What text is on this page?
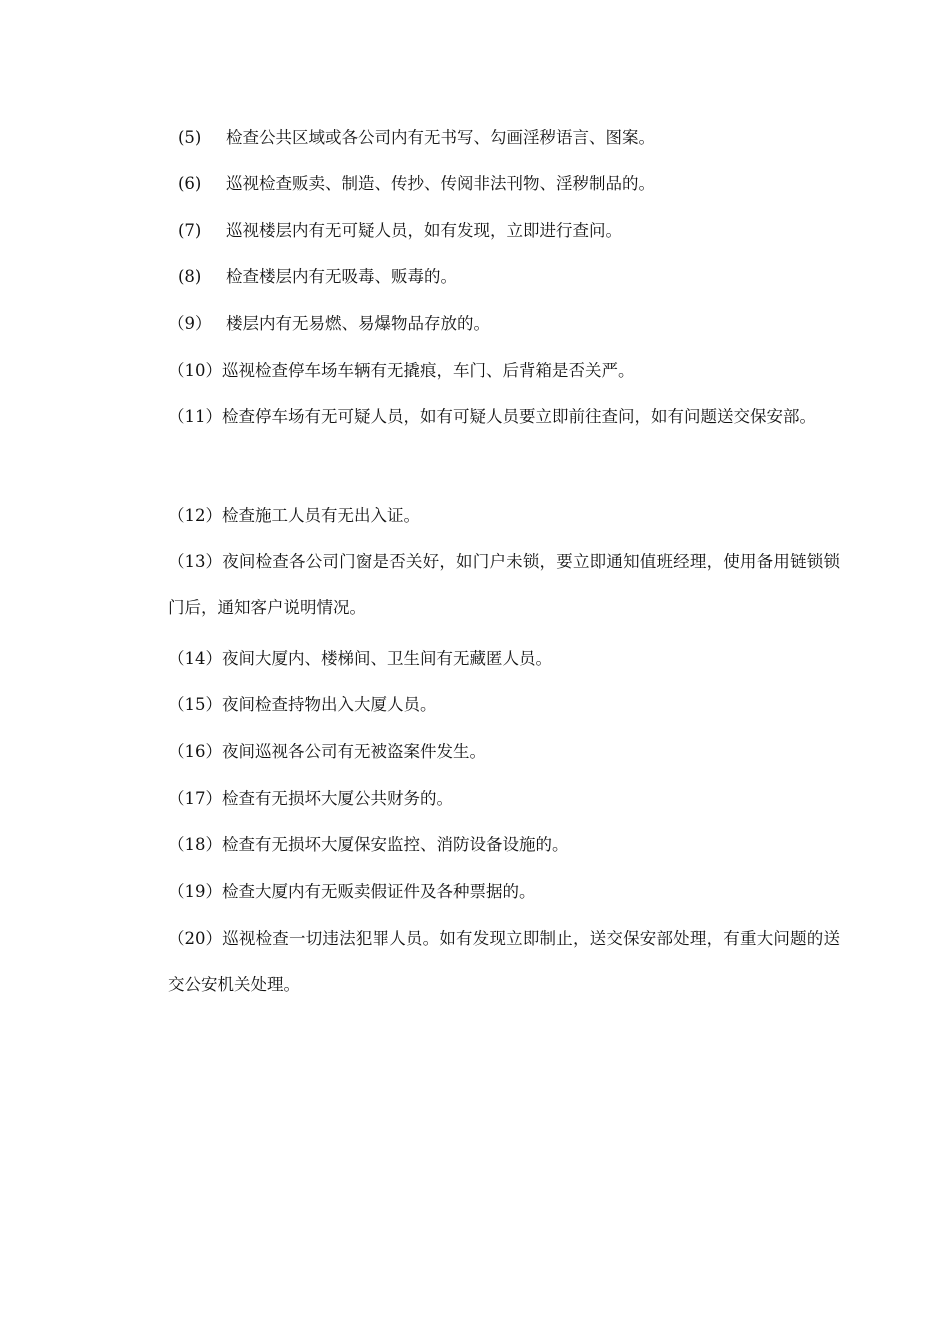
(5) 检查公共区域或各公司内有无书写、勾画淫秽语言、图案。
(6) 巡视检查贩卖、制造、传抄、传阅非法刊物、淫秽制品的。
(7) 巡视楼层内有无可疑人员，如有发现，立即进行查问。
(8) 检查楼层内有无吸毒、贩毒的。
（9） 楼层内有无易燃、易爆物品存放的。
（10）巡视检查停车场车辆有无撬痕，车门、后背箱是否关严。
（11）检查停车场有无可疑人员，如有可疑人员要立即前往查问，如有问题送交保安部。
（12）检查施工人员有无出入证。
（13）夜间检查各公司门窗是否关好，如门户未锁，要立即通知值班经理，使用备用链锁锁门后，通知客户说明情况。
（14）夜间大厦内、楼梯间、卫生间有无藏匿人员。
（15）夜间检查持物出入大厦人员。
（16）夜间巡视各公司有无被盗案件发生。
（17）检查有无损坏大厦公共财务的。
（18）检查有无损坏大厦保安监控、消防设备设施的。
（19）检查大厦内有无贩卖假证件及各种票据的。
（20）巡视检查一切违法犯罪人员。如有发现立即制止，送交保安部处理，有重大问题的送交公安机关处理。
